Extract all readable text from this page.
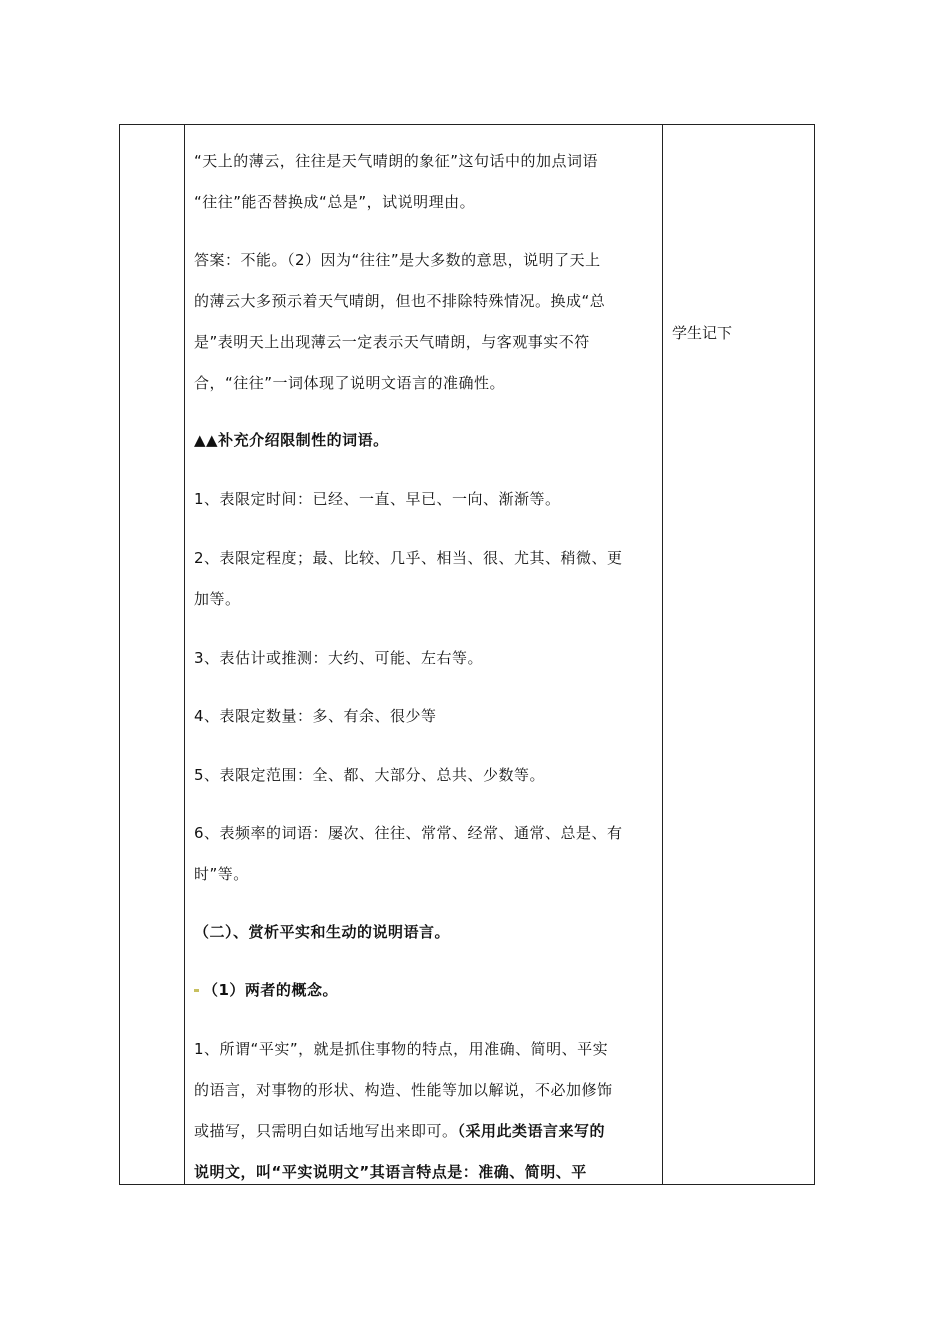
“天上的薄云，往往是天气晴朗的象征”这句话中的加点词语

“往往”能否替换成“总是”，试说明理由。

答案：不能。（2）因为“往往”是大多数的意思，说明了天上

的薄云大多预示着天气晴朗，但也不排除特殊情况。换成“总

是”表明天上出现薄云一定表示天气晴朗，与客观事实不符

合，“往往”一词体现了说明文语言的准确性。

▲▲补充介绍限制性的词语。

1、表限定时间：已经、一直、早已、一向、渐渐等。

2、表限定程度；最、比较、几乎、相当、很、尤其、稍微、更

加等。

3、表估计或推测：大约、可能、左右等。

4、表限定数量：多、有余、很少等

5、表限定范围：全、都、大部分、总共、少数等。

6、表频率的词语：屡次、往往、常常、经常、通常、总是、有

时”等。

（二）、赏析平实和生动的说明语言。

（1）两者的概念。

1、所谓“平实”，就是抓住事物的特点，用准确、简明、平实

的语言，对事物的形状、构造、性能等加以解说，不必加修饰

或描写，只需明白如话地写出来即可。（采用此类语言来写的

说明文，叫“平实说明文”其语言特点是：准确、简明、平

学生记下
